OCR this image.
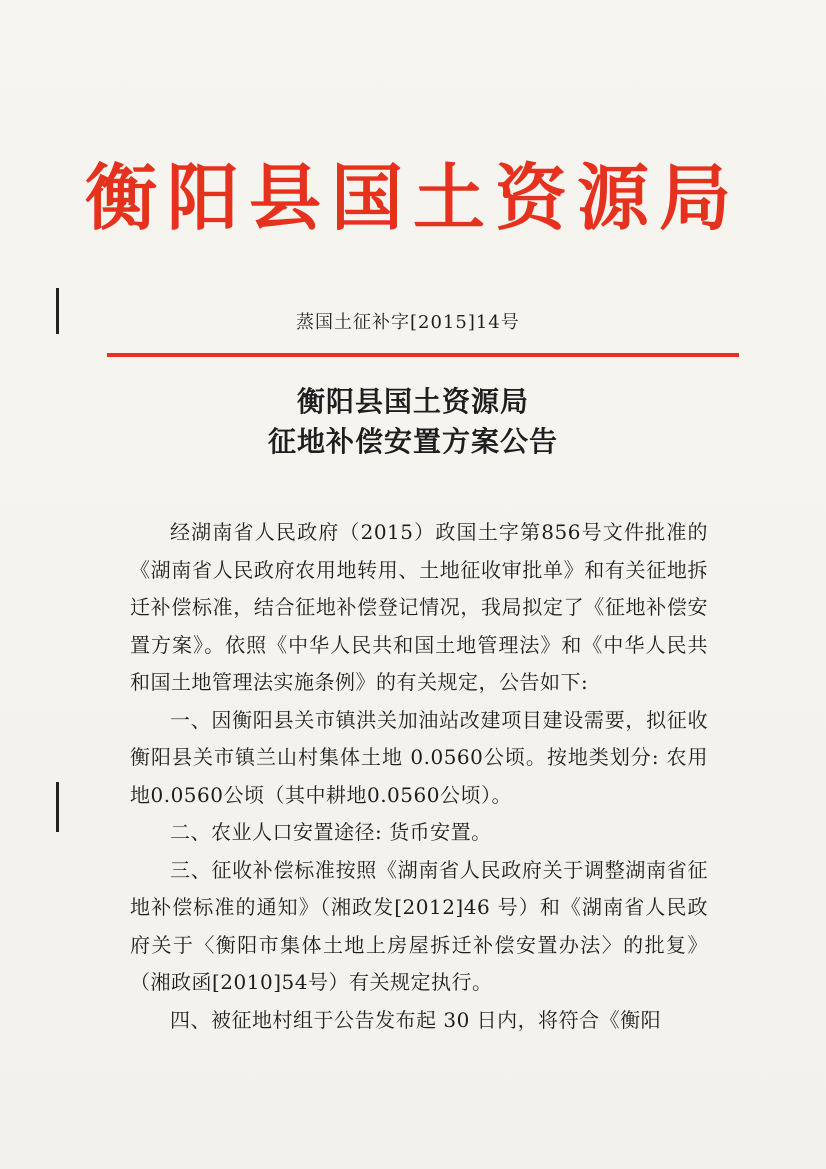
衡阳县国土资源局
蒸国土征补字[2015]14号
衡阳县国土资源局
征地补偿安置方案公告

经湖南省人民政府（2015）政国土字第856号文件批准的《湖南省人民政府农用地转用、土地征收审批单》和有关征地拆迁补偿标准，结合征地补偿登记情况，我局拟定了《征地补偿安置方案》。依照《中华人民共和国土地管理法》和《中华人民共和国土地管理法实施条例》的有关规定，公告如下:

一、因衡阳县关市镇洪关加油站改建项目建设需要，拟征收衡阳县关市镇兰山村集体土地 0.0560公顷。按地类划分: 农用地0.0560公顷（其中耕地0.0560公顷）。

二、农业人口安置途径: 货币安置。

三、征收补偿标准按照《湖南省人民政府关于调整湖南省征地补偿标准的通知》（湘政发[2012]46 号）和《湖南省人民政府关于〈衡阳市集体土地上房屋拆迁补偿安置办法〉的批复》（湘政函[2010]54号）有关规定执行。

四、被征地村组于公告发布起 30 日内，将符合《衡阳
